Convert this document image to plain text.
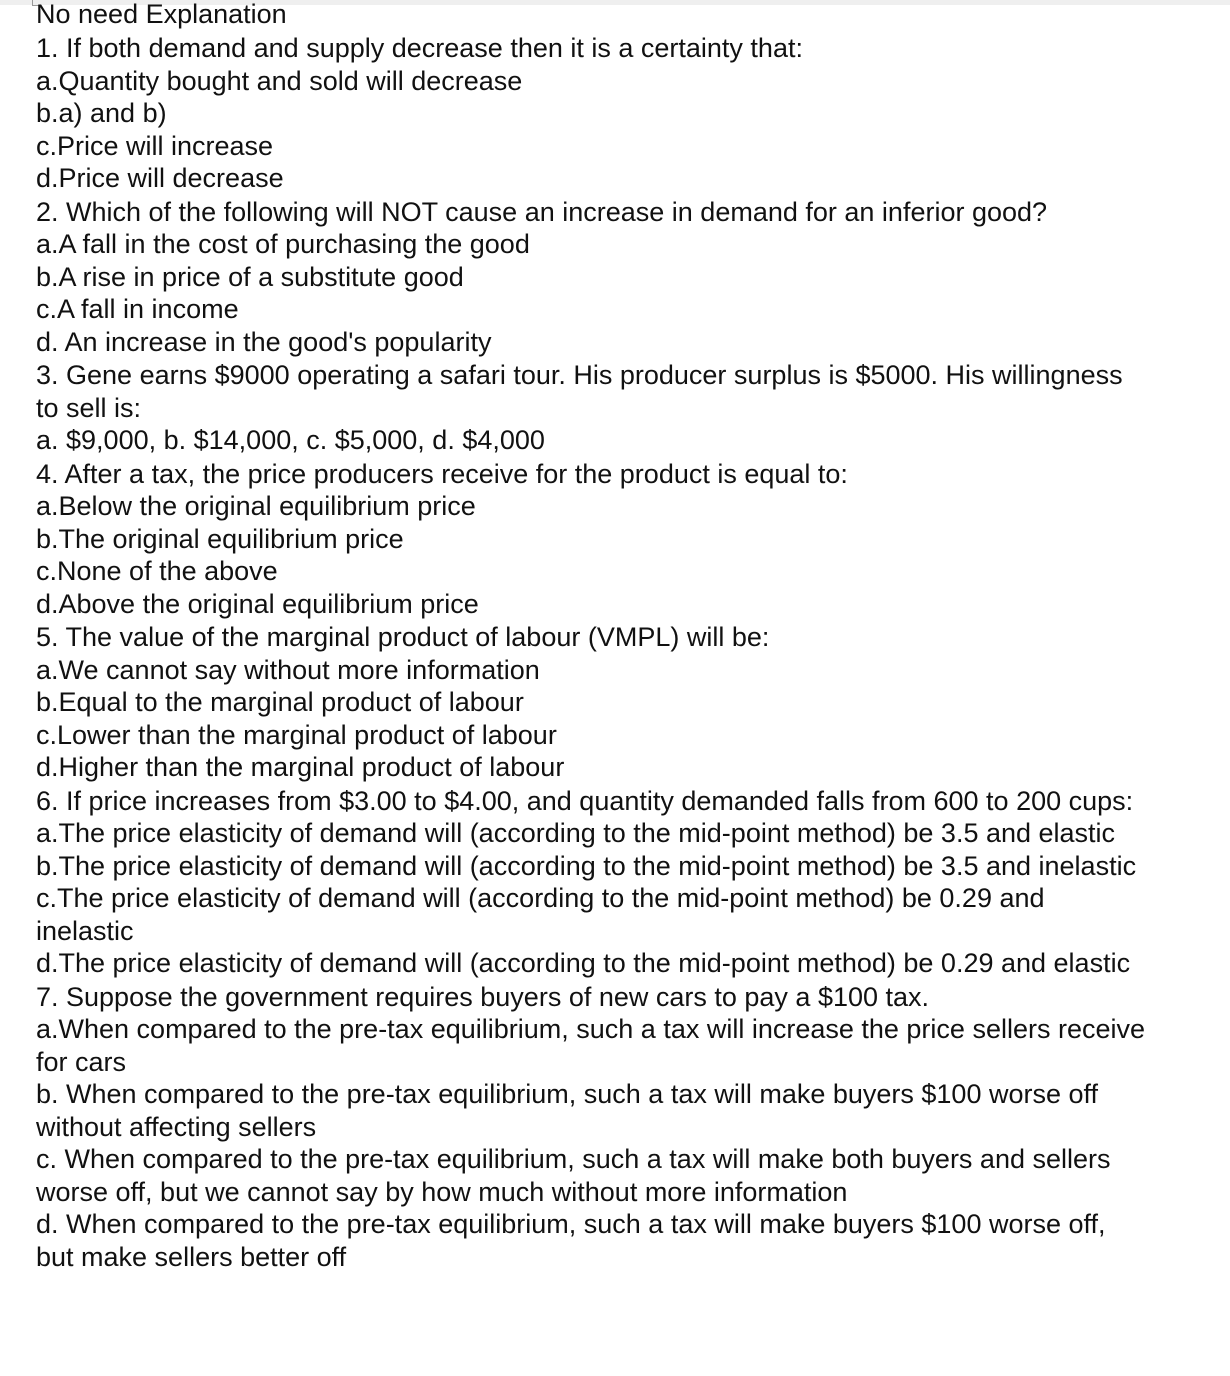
No need Explanation
1. If both demand and supply decrease then it is a certainty that:
a.Quantity bought and sold will decrease
b.a) and b)
c.Price will increase
d.Price will decrease
2. Which of the following will NOT cause an increase in demand for an inferior good?
a.A fall in the cost of purchasing the good
b.A rise in price of a substitute good
c.A fall in income
d. An increase in the good's popularity
3. Gene earns $9000 operating a safari tour. His producer surplus is $5000. His willingness to sell is:
a. $9,000, b. $14,000, c. $5,000, d. $4,000
4. After a tax, the price producers receive for the product is equal to:
a.Below the original equilibrium price
b.The original equilibrium price
c.None of the above
d.Above the original equilibrium price
5. The value of the marginal product of labour (VMPL) will be:
a.We cannot say without more information
b.Equal to the marginal product of labour
c.Lower than the marginal product of labour
d.Higher than the marginal product of labour
6. If price increases from $3.00 to $4.00, and quantity demanded falls from 600 to 200 cups:
a.The price elasticity of demand will (according to the mid-point method) be 3.5 and elastic
b.The price elasticity of demand will (according to the mid-point method) be 3.5 and inelastic
c.The price elasticity of demand will (according to the mid-point method) be 0.29 and inelastic
d.The price elasticity of demand will (according to the mid-point method) be 0.29 and elastic
7. Suppose the government requires buyers of new cars to pay a $100 tax.
a.When compared to the pre-tax equilibrium, such a tax will increase the price sellers receive for cars
b. When compared to the pre-tax equilibrium, such a tax will make buyers $100 worse off without affecting sellers
c. When compared to the pre-tax equilibrium, such a tax will make both buyers and sellers worse off, but we cannot say by how much without more information
d. When compared to the pre-tax equilibrium, such a tax will make buyers $100 worse off, but make sellers better off
